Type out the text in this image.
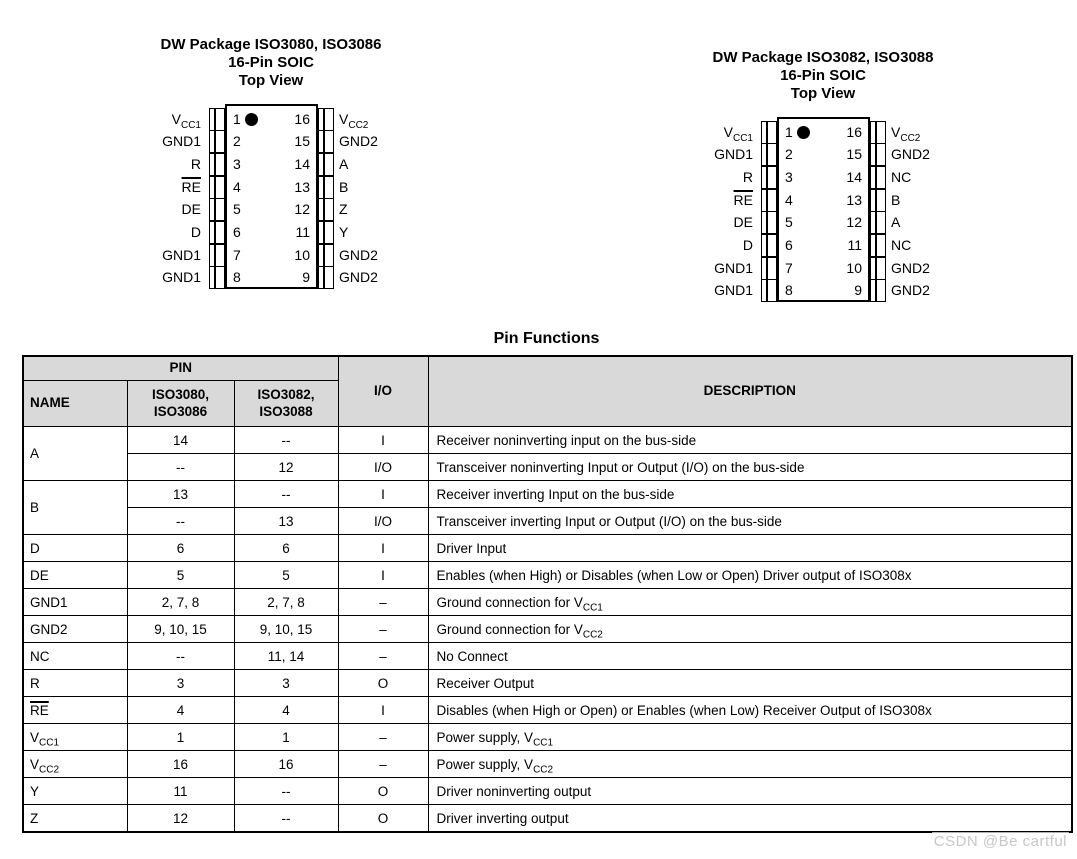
DW Package ISO3080, ISO3086
16-Pin SOIC
Top View
$V_{CC1}$ 1	16 $V_{CC2}$
GND1 2	15 GND2
R 3	14 A
$\overline{RE}$ 4	13 B
DE 5	12 Z
D 6	11 Y
GND1 7	10 GND2
GND1 8	9 GND2
DW Package ISO3082, ISO3088
16-Pin SOIC
Top View
$V_{CC1}$ 1	16 $V_{CC2}$
GND1 2	15 GND2
R 3	14 NC
$\overline{RE}$ 4	13 B
DE 5	12 A
D 6	11 NC
GND1 7	10 GND2
GND1 8	9 GND2
Pin Functions
PIN			I/O	DESCRIPTION
NAME	ISO3080, ISO3086	ISO3082, ISO3088		
A	14	--	I	Receiver noninverting input on the bus-side
	--	12	I/O	Transceiver noninverting Input or Output (I/O) on the bus-side
B	13	--	I	Receiver inverting Input on the bus-side
	--	13	I/O	Transceiver inverting Input or Output (I/O) on the bus-side
D	6	6	I	Driver Input
DE	5	5	I	Enables (when High) or Disables (when Low or Open) Driver output of ISO308x
GND1	2, 7, 8	2, 7, 8	–	Ground connection for $V_{CC1}$
GND2	9, 10, 15	9, 10, 15	–	Ground connection for $V_{CC2}$
NC	--	11, 14	–	No Connect
R	3	3	O	Receiver Output
$\overline{RE}$	4	4	I	Disables (when High or Open) or Enables (when Low) Receiver Output of ISO308x
$V_{CC1}$	1	1	–	Power supply, $V_{CC1}$
$V_{CC2}$	16	16	–	Power supply, $V_{CC2}$
Y	11	--	O	Driver noninverting output
Z	12	--	O	Driver inverting output
CSDN @Be cartful
